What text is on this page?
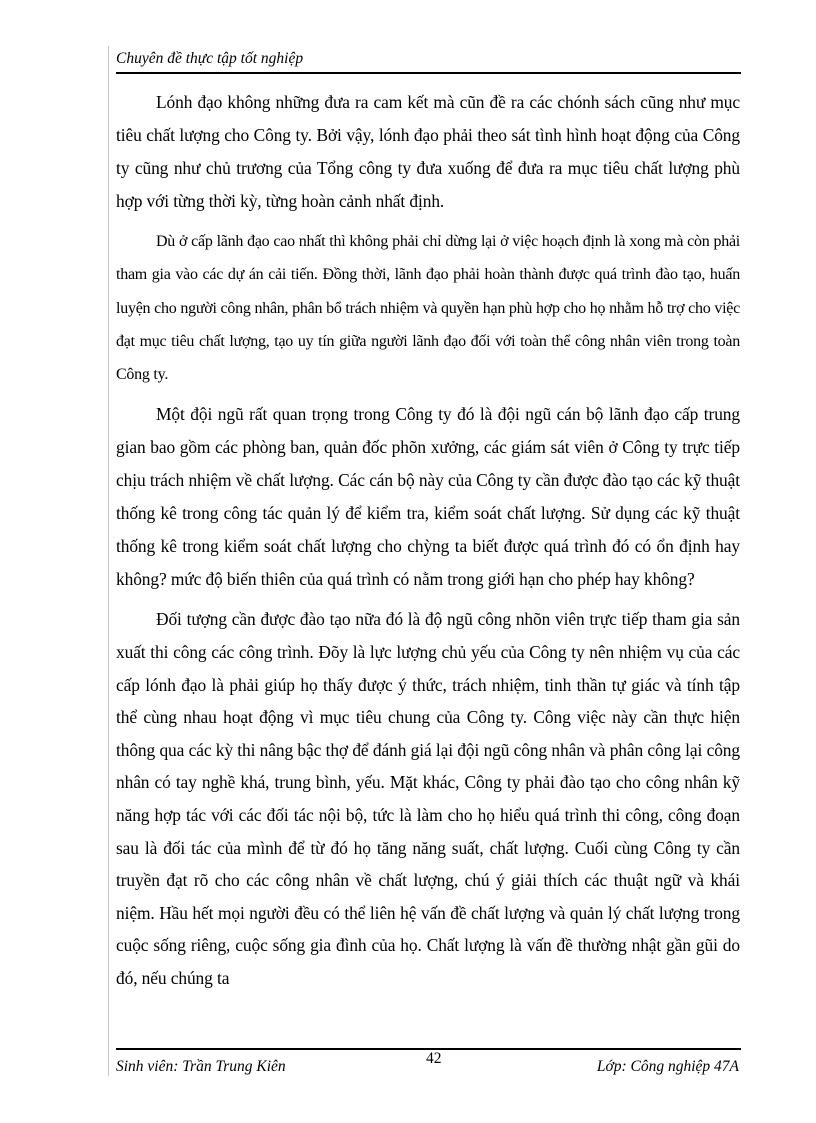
Chuyên đề thực tập tốt nghiệp

Lónh đạo không những đưa ra cam kết mà cũn đề ra các chónh sách cũng như mục tiêu chất lượng cho Công ty. Bởi vậy, lónh đạo phải theo sát tình hình hoạt động của Công ty cũng như chủ trương của Tổng công ty đưa xuống để đưa ra mục tiêu chất lượng phù hợp với từng thời kỳ, từng hoàn cảnh nhất định.

Dù ở cấp lãnh đạo cao nhất thì không phải chỉ dừng lại ở việc hoạch định là xong mà còn phải tham gia vào các dự án cải tiến. Đồng thời, lãnh đạo phải hoàn thành được quá trình đào tạo, huấn luyện cho người công nhân, phân bổ trách nhiệm và quyền hạn phù hợp cho họ nhằm hỗ trợ cho việc đạt mục tiêu chất lượng, tạo uy tín giữa người lãnh đạo đối với toàn thể công nhân viên trong toàn Công ty.

Một đội ngũ rất quan trọng trong Công ty đó là đội ngũ cán bộ lãnh đạo cấp trung gian bao gồm các phòng ban, quản đốc phõn xưởng, các giám sát viên ở Công ty trực tiếp chịu trách nhiệm về chất lượng. Các cán bộ này của Công ty cần được đào tạo các kỹ thuật thống kê trong công tác quản lý để kiểm tra, kiểm soát chất lượng. Sử dụng các kỹ thuật thống kê trong kiểm soát chất lượng cho chỳng ta biết được quá trình đó có ổn định hay không? mức độ biến thiên của quá trình có nằm trong giới hạn cho phép hay không?

Đối tượng cần được đào tạo nữa đó là độ ngũ công nhõn viên trực tiếp tham gia sản xuất thi công các công trình. Đõy là lực lượng chủ yếu của Công ty nên nhiệm vụ của các cấp lónh đạo là phải giúp họ thấy được ý thức, trách nhiệm, tinh thần tự giác và tính tập thể cùng nhau hoạt động vì mục tiêu chung của Công ty. Công việc này cần thực hiện thông qua các kỳ thi nâng bậc thợ để đánh giá lại đội ngũ công nhân và phân công lại công nhân có tay nghề khá, trung bình, yếu. Mặt khác, Công ty phải đào tạo cho công nhân kỹ năng hợp tác với các đối tác nội bộ, tức là làm cho họ hiểu quá trình thi công, công đoạn sau là đối tác của mình để từ đó họ tăng năng suất, chất lượng. Cuối cùng Công ty cần truyền đạt rõ cho các công nhân về chất lượng, chú ý giải thích các thuật ngữ và khái niệm. Hầu hết mọi người đều có thể liên hệ vấn đề chất lượng và quản lý chất lượng trong cuộc sống riêng, cuộc sống gia đình của họ. Chất lượng là vấn đề thường nhật gần gũi do đó, nếu chúng ta

Sinh viên: Trần Trung Kiên	42	Lớp: Công nghiệp 47A
